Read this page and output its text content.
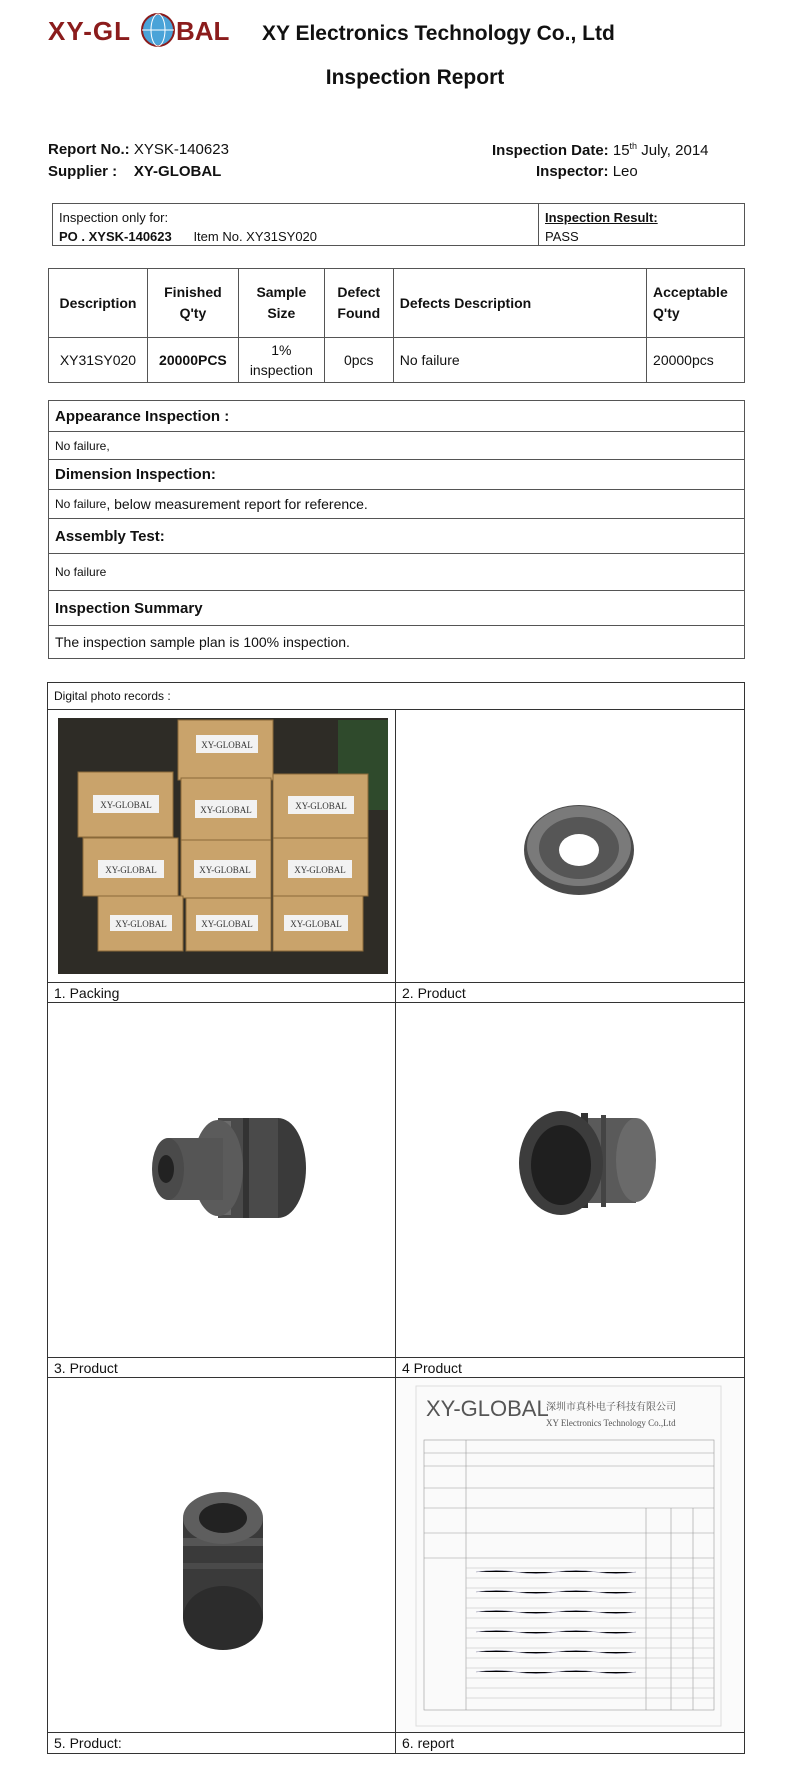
XY-GL BAL XY Electronics Technology Co., Ltd
Inspection Report
Report No.: XYSK-140623
Supplier : XY-GLOBAL
Inspection Date: 15th July, 2014
Inspector: Leo
Inspection only for:
PO . XYSK-140623 Item No. XY31SY020
Inspection Result:
PASS
Description	Finished Q'ty	Sample Size	Defect Found	Defects Description	Acceptable Q'ty
XY31SY020	20000PCS	1% inspection	0pcs	No failure	20000pcs
Appearance Inspection :
No failure,
Dimension Inspection:
No failure , below measurement report for reference.
Assembly Test:
No failure
Inspection Summary
The inspection sample plan is 100% inspection.
Digital photo records :
XY-GLOBAL
XY-GLOBAL	XY-GLOBAL	XY-GLOBAL
XY-GLOBAL	XY-GLOBAL	XY-GLOBAL
XY-GLOBAL	XY-GLOBAL	XY-GLOBAL
1. Packing	2. Product
3. Product	4 Product
5. Product:
XY-GLOBAL
深圳市真朴电子科技有限公司
XY Electronics Technology Co.,Ltd
6. report
